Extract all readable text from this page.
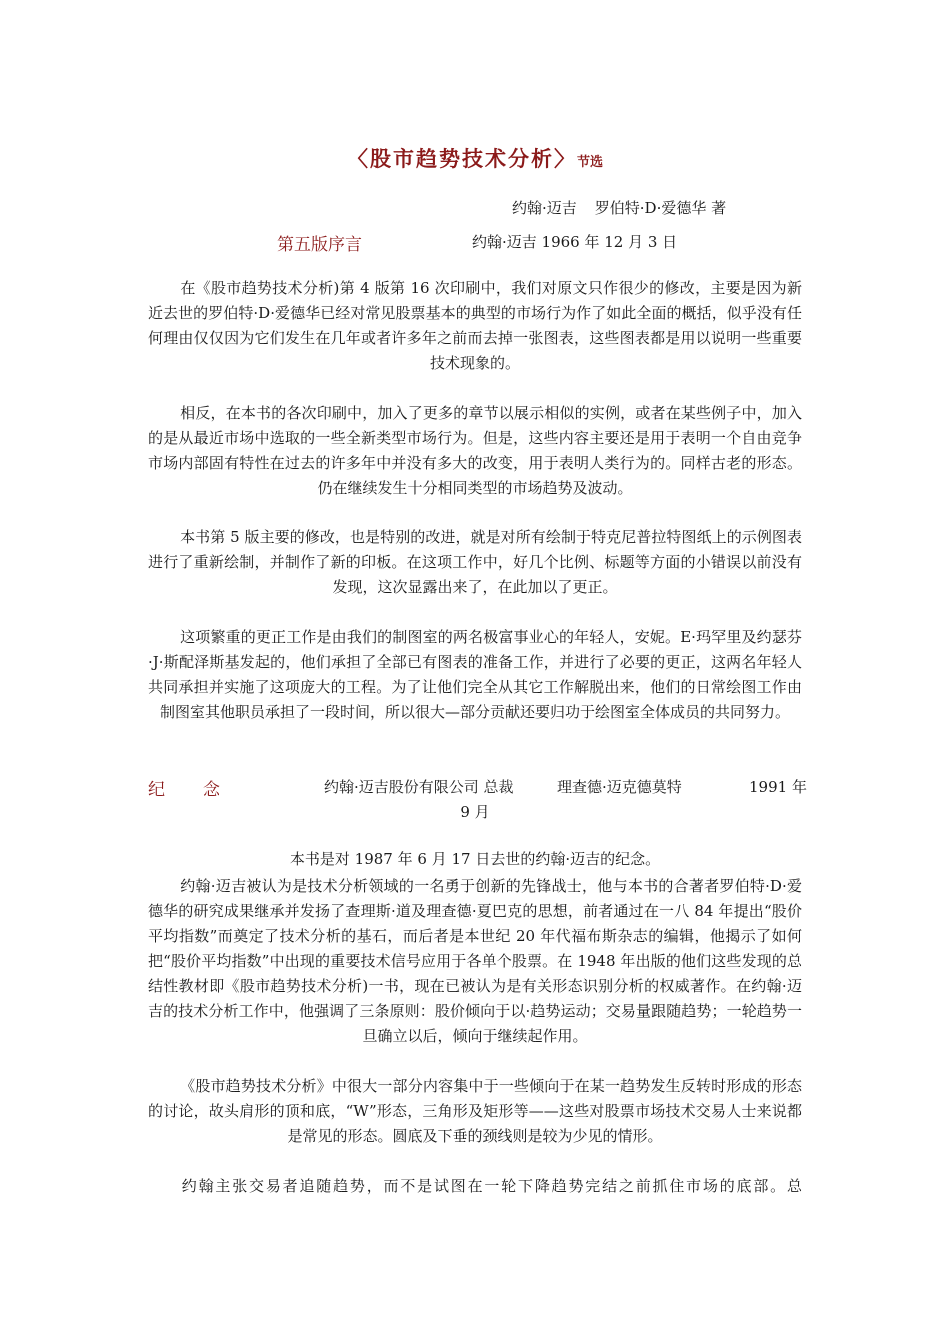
〈股市趋势技术分析〉节选
约翰·迈吉 罗伯特·D·爱德华 著
第五版序言	约翰·迈吉 1966 年 12 月 3 日
在《股市趋势技术分析)第 4 版第 16 次印刷中，我们对原文只作很少的修改，主要是因为新近去世的罗伯特·D·爱德华已经对常见股票基本的典型的市场行为作了如此全面的概括，似乎没有任何理由仅仅因为它们发生在几年或者许多年之前而去掉一张图表，这些图表都是用以说明一些重要技术现象的。
相反，在本书的各次印刷中，加入了更多的章节以展示相似的实例，或者在某些例子中，加入的是从最近市场中选取的一些全新类型市场行为。但是，这些内容主要还是用于表明一个自由竞争市场内部固有特性在过去的许多年中并没有多大的改变，用于表明人类行为的。同样古老的形态。仍在继续发生十分相同类型的市场趋势及波动。
本书第 5 版主要的修改，也是特别的改进，就是对所有绘制于特克尼普拉特图纸上的示例图表进行了重新绘制，并制作了新的印板。在这项工作中，好几个比例、标题等方面的小错误以前没有发现，这次显露出来了，在此加以了更正。
这项繁重的更正工作是由我们的制图室的两名极富事业心的年轻人，安妮。E·玛罕里及约瑟芬·J·斯配泽斯基发起的，他们承担了全部已有图表的准备工作，并进行了必要的更正，这两名年轻人共同承担并实施了这项庞大的工程。为了让他们完全从其它工作解脱出来，他们的日常绘图工作由制图室其他职员承担了一段时间，所以很大—部分贡献还要归功于绘图室全体成员的共同努力。
纪念	约翰·迈吉股份有限公司 总裁	理查德·迈克德莫特	1991 年
9 月
本书是对 1987 年 6 月 17 日去世的约翰·迈吉的纪念。
约翰·迈吉被认为是技术分析领域的一名勇于创新的先锋战士，他与本书的合著者罗伯特·D·爱德华的研究成果继承并发扬了查理斯·道及理查德·夏巴克的思想，前者通过在一八 84 年提出“股价平均指数”而奠定了技术分析的基石，而后者是本世纪 20 年代福布斯杂志的编辑，他揭示了如何把“股价平均指数”中出现的重要技术信号应用于各单个股票。在 1948 年出版的他们这些发现的总结性教材即《股市趋势技术分析)一书，现在已被认为是有关形态识别分析的权威著作。在约翰·迈吉的技术分析工作中，他强调了三条原则：股价倾向于以·趋势运动；交易量跟随趋势；一轮趋势一旦确立以后，倾向于继续起作用。
《股市趋势技术分析》中很大一部分内容集中于一些倾向于在某一趋势发生反转时形成的形态的讨论，故头肩形的顶和底，“W”形态，三角形及矩形等——这些对股票市场技术交易人士来说都是常见的形态。圆底及下垂的颈线则是较为少见的情形。
约翰主张交易者追随趋势，而不是试图在一轮下降趋势完结之前抓住市场的底部。总
